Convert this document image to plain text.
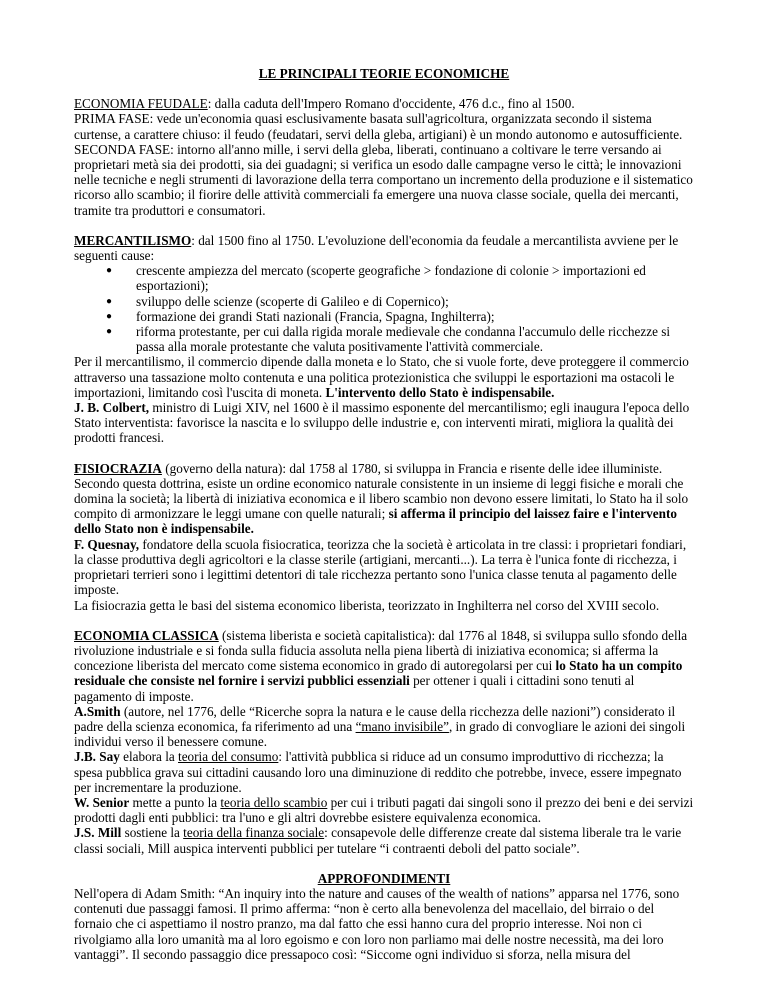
LE PRINCIPALI TEORIE ECONOMICHE

ECONOMIA FEUDALE: dalla caduta dell'Impero Romano d'occidente, 476 d.c., fino al 1500.

PRIMA FASE: vede un'economia quasi esclusivamente basata sull'agricoltura, organizzata secondo il sistema curtense, a carattere chiuso: il feudo (feudatari, servi della gleba, artigiani) è un mondo autonomo e autosufficiente.

SECONDA FASE: intorno all'anno mille, i servi della gleba, liberati, continuano a coltivare le terre versando ai proprietari metà sia dei prodotti, sia dei guadagni; si verifica un esodo dalle campagne verso le città; le innovazioni nelle tecniche e negli strumenti di lavorazione della terra comportano un incremento della produzione e il sistematico ricorso allo scambio; il fiorire delle attività commerciali fa emergere una nuova classe sociale, quella dei mercanti, tramite tra produttori e consumatori.

MERCANTILISMO: dal 1500 fino al 1750. L'evoluzione dell'economia da feudale a mercantilista avviene per le seguenti cause:

● crescente ampiezza del mercato (scoperte geografiche > fondazione di colonie > importazioni ed esportazioni);
● sviluppo delle scienze (scoperte di Galileo e di Copernico);
● formazione dei grandi Stati nazionali (Francia, Spagna, Inghilterra);
● riforma protestante, per cui dalla rigida morale medievale che condanna l'accumulo delle ricchezze si passa alla morale protestante che valuta positivamente l'attività commerciale.

Per il mercantilismo, il commercio dipende dalla moneta e lo Stato, che si vuole forte, deve proteggere il commercio attraverso una tassazione molto contenuta e una politica protezionistica che sviluppi le esportazioni ma ostacoli le importazioni, limitando così l'uscita di moneta. L'intervento dello Stato è indispensabile.

J. B. Colbert, ministro di Luigi XIV, nel 1600 è il massimo esponente del mercantilismo; egli inaugura l'epoca dello Stato interventista: favorisce la nascita e lo sviluppo delle industrie e, con interventi mirati, migliora la qualità dei prodotti francesi.

FISIOCRAZIA (governo della natura): dal 1758 al 1780, si sviluppa in Francia e risente delle idee illuministe. Secondo questa dottrina, esiste un ordine economico naturale consistente in un insieme di leggi fisiche e morali che domina la società; la libertà di iniziativa economica e il libero scambio non devono essere limitati, lo Stato ha il solo compito di armonizzare le leggi umane con quelle naturali; si afferma il principio del laissez faire e l'intervento dello Stato non è indispensabile.

F. Quesnay, fondatore della scuola fisiocratica, teorizza che la società è articolata in tre classi: i proprietari fondiari, la classe produttiva degli agricoltori e la classe sterile (artigiani, mercanti...). La terra è l'unica fonte di ricchezza, i proprietari terrieri sono i legittimi detentori di tale ricchezza pertanto sono l'unica classe tenuta al pagamento delle imposte.

La fisiocrazia getta le basi del sistema economico liberista, teorizzato in Inghilterra nel corso del XVIII secolo.

ECONOMIA CLASSICA (sistema liberista e società capitalistica): dal 1776 al 1848, si sviluppa sullo sfondo della rivoluzione industriale e si fonda sulla fiducia assoluta nella piena libertà di iniziativa economica; si afferma la concezione liberista del mercato come sistema economico in grado di autoregolarsi per cui lo Stato ha un compito residuale che consiste nel fornire i servizi pubblici essenziali per ottener i quali i cittadini sono tenuti al pagamento di imposte.

A.Smith (autore, nel 1776, delle “Ricerche sopra la natura e le cause della ricchezza delle nazioni”) considerato il padre della scienza economica, fa riferimento ad una “mano invisibile”, in grado di convogliare le azioni dei singoli individui verso il benessere comune.

J.B. Say elabora la teoria del consumo: l'attività pubblica si riduce ad un consumo improduttivo di ricchezza; la spesa pubblica grava sui cittadini causando loro una diminuzione di reddito che potrebbe, invece, essere impegnato per incrementare la produzione.

W. Senior mette a punto la teoria dello scambio per cui i tributi pagati dai singoli sono il prezzo dei beni e dei servizi prodotti dagli enti pubblici: tra l'uno e gli altri dovrebbe esistere equivalenza economica.

J.S. Mill sostiene la teoria della finanza sociale: consapevole delle differenze create dal sistema liberale tra le varie classi sociali, Mill auspica interventi pubblici per tutelare “i contraenti deboli del patto sociale”.

APPROFONDIMENTI

Nell'opera di Adam Smith: “An inquiry into the nature and causes of the wealth of nations” apparsa nel 1776, sono contenuti due passaggi famosi. Il primo afferma: “non è certo alla benevolenza del macellaio, del birraio o del fornaio che ci aspettiamo il nostro pranzo, ma dal fatto che essi hanno cura del proprio interesse. Noi non ci rivolgiamo alla loro umanità ma al loro egoismo e con loro non parliamo mai delle nostre necessità, ma dei loro vantaggi”. Il secondo passaggio dice pressapoco così: “Siccome ogni individuo si sforza, nella misura del
